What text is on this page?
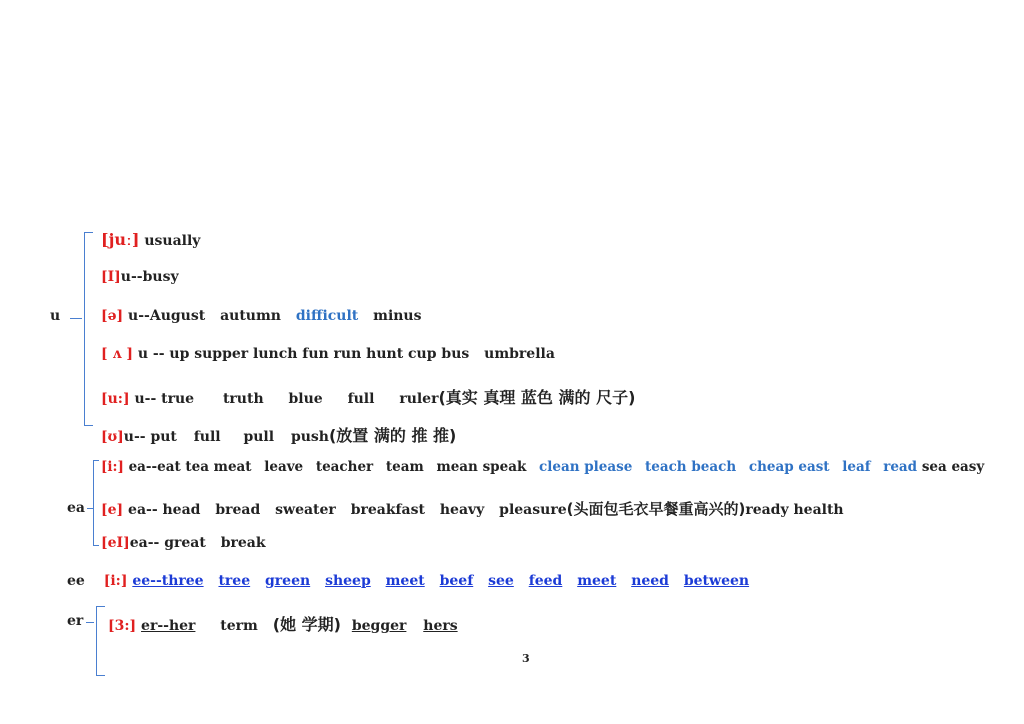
u
[juː] usually
[I]u--busy
[ə] u--August autumn difficult minus
[ ʌ ] u -- up supper lunch fun run hunt cup bus umbrella
[u:] u-- true truth blue full ruler(真实 真理 蓝色 满的 尺子)
[ʊ]u-- put full pull push(放置 满的 推 推)
ea
[i:] ea--eat tea meat leave teacher team mean speak clean please teach beach cheap east leaf read sea easy
[e] ea-- head bread sweater breakfast heavy pleasure(头面包毛衣早餐重高兴的)ready health
[eI]ea-- great break
ee [i:] ee--three tree green sheep meet beef see feed meet need between
er [3:] er--her term (她 学期) begger hers
3
